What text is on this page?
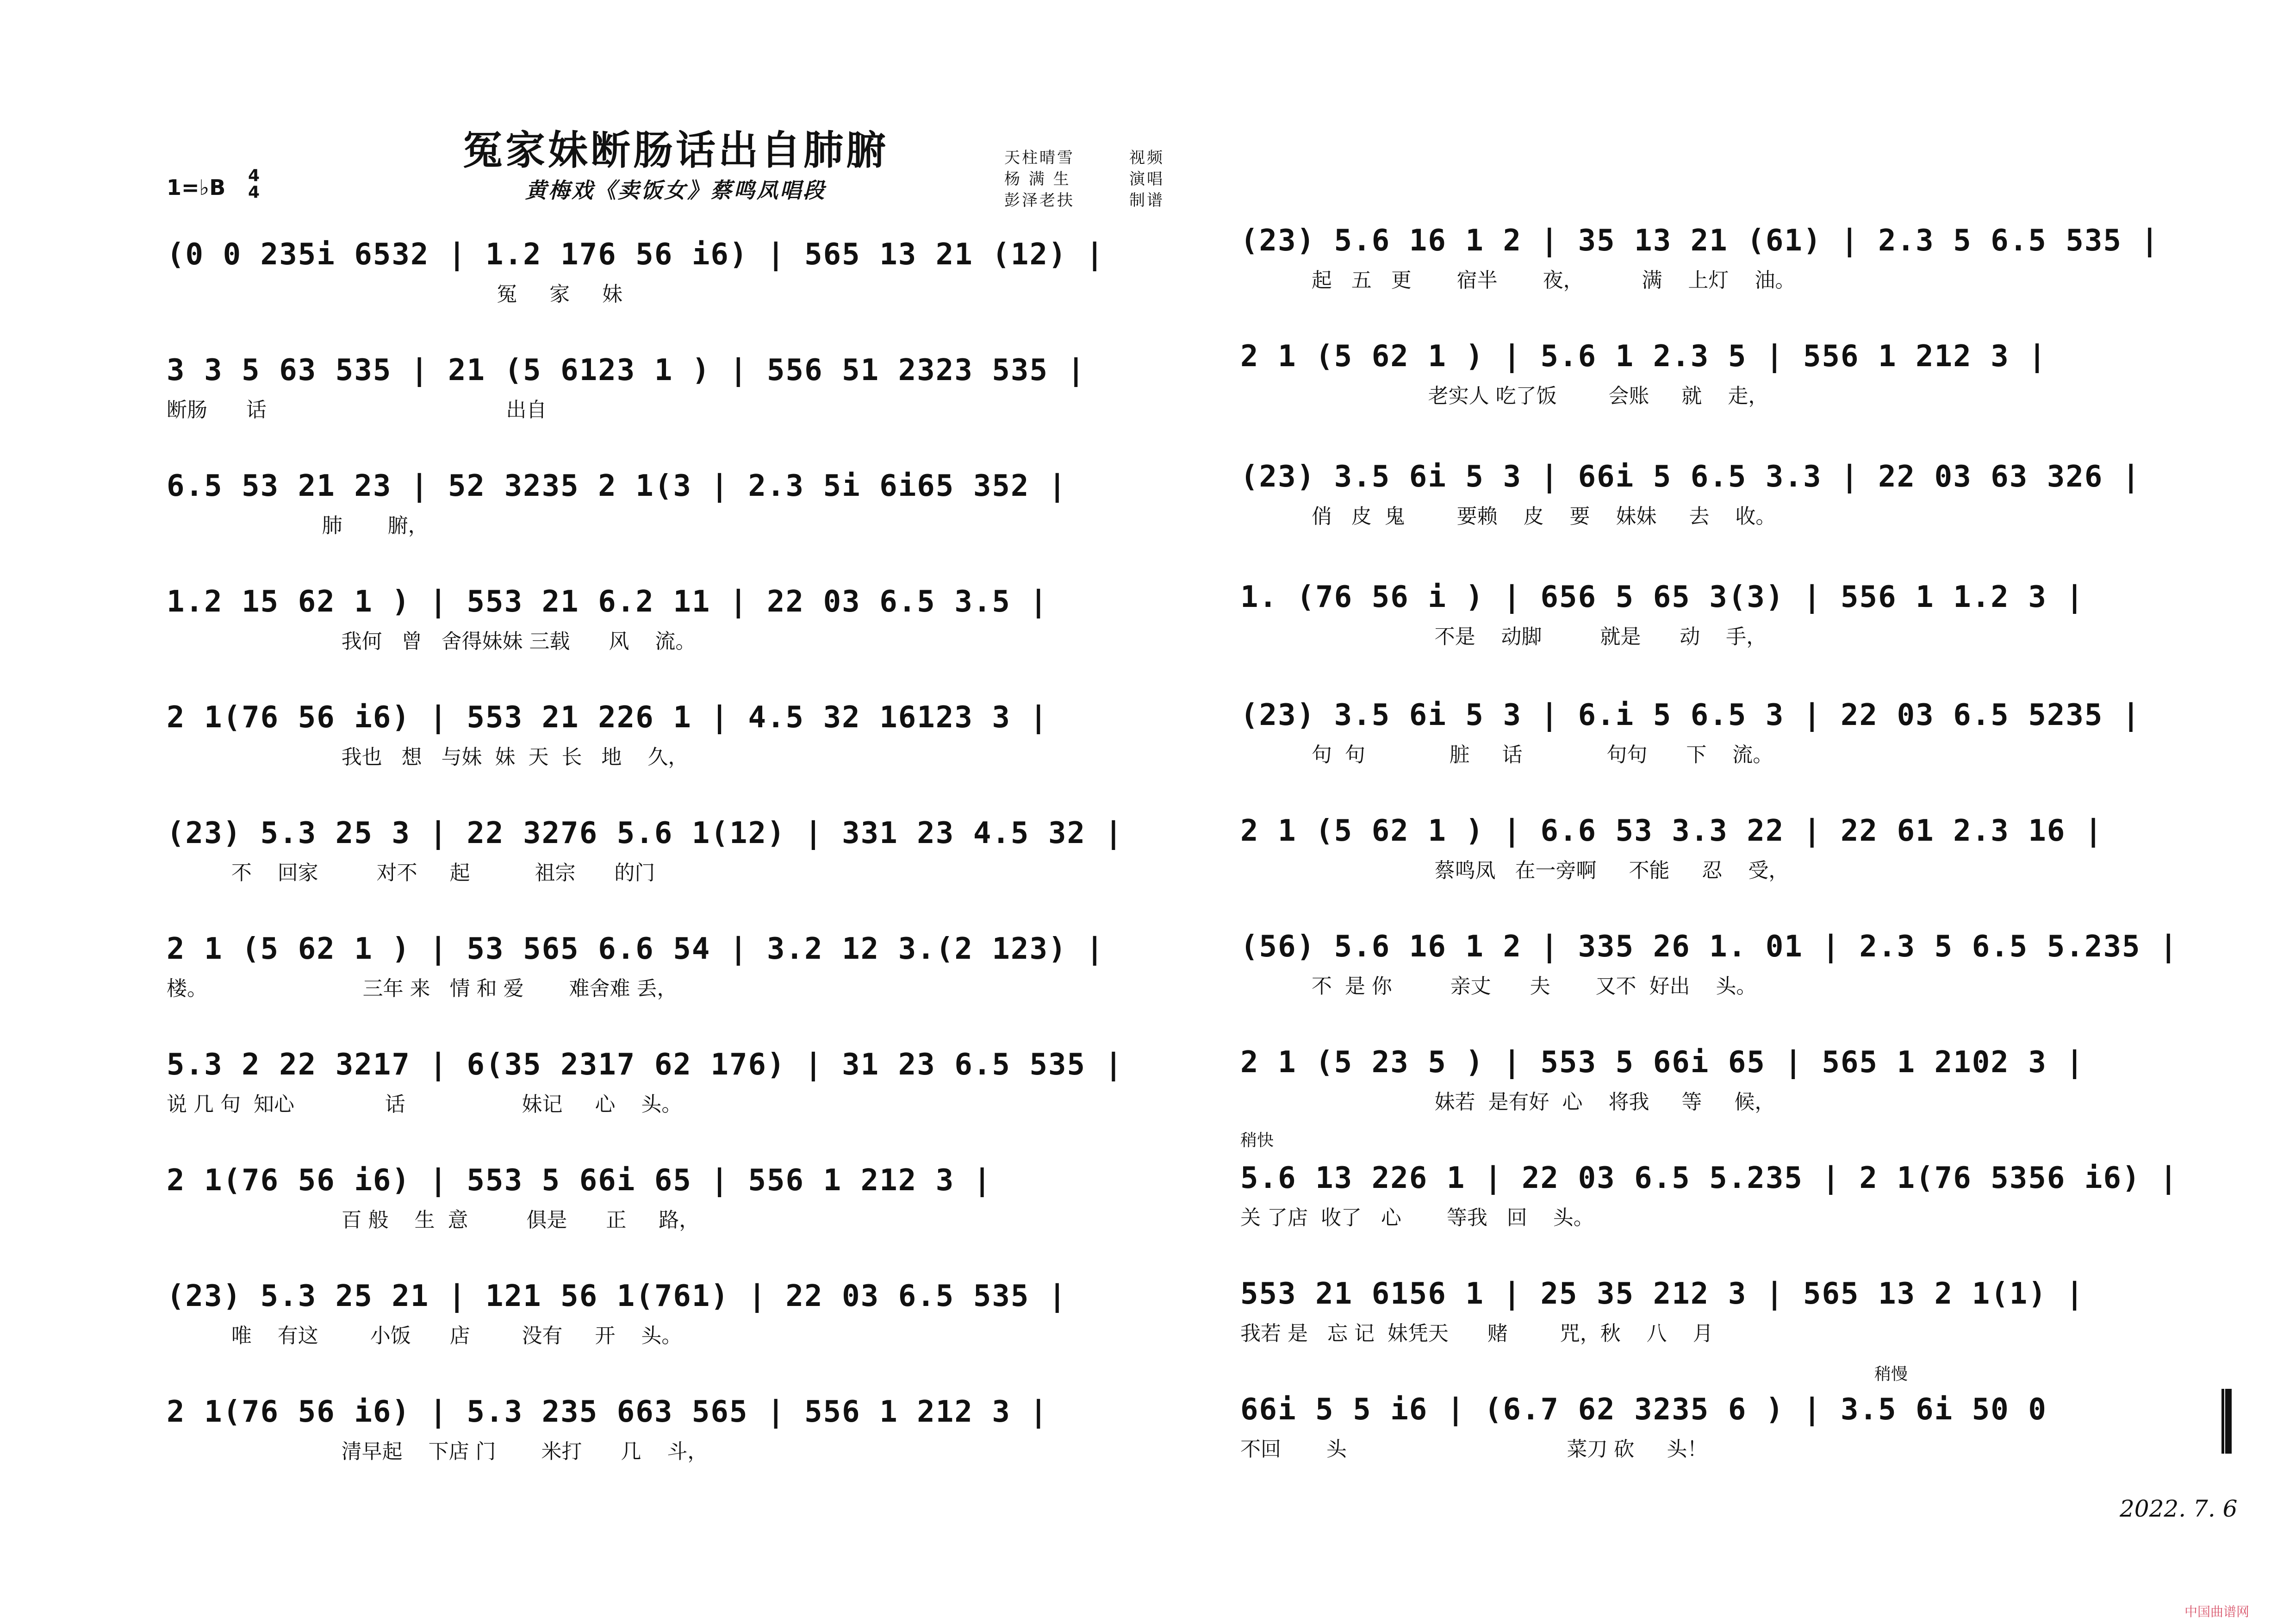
冤家妹断肠话出自肺腑
黄梅戏《卖饭女》蔡鸣凤唱段
1=♭B 4
4
天柱晴雪	视频
杨 满 生	演唱
彭泽老扶	制谱
(0 0 235i 6532 | 1.2 176 56 i6) | 565 13 21 (12) |
冤     家     妹
3 3 5 63 535 | 21 (5 6123 1 ) | 556 51 2323 535 |
断肠      话                                     出自
6.5 53 21 23 | 52 3235 2 1(3 | 2.3 5i 6i65 352 |
肺       腑，
1.2 15 62 1 ) | 553 21 6.2 11 | 22 03 6.5 3.5 |
我何   曾   舍得妹妹 三载      风    流。
2 1(76 56 i6) | 553 21 226 1 | 4.5 32 16123 3 |
我也   想   与妹  妹  天  长   地    久，
(23) 5.3 25 3 | 22 3276 5.6 1(12) | 331 23 4.5 32 |
不    回家         对不     起          祖宗      的门
2 1 (5 62 1 ) | 53 565 6.6 54 | 3.2 12 3.(2 123) |
楼。                        三年 来   情 和 爱       难舍难 丢，
5.3 2 22 3217 | 6(35 2317 62 176) | 31 23 6.5 535 |
说 几 句  知心              话                  妹记     心    头。
2 1(76 56 i6) | 553 5 66i 65 | 556 1 212 3 |
百 般    生  意         俱是      正     路，
(23) 5.3 25 21 | 121 56 1(761) | 22 03 6.5 535 |
唯    有这        小饭      店        没有     开    头。
2 1(76 56 i6) | 5.3 235 663 565 | 556 1 212 3 |
清早起    下店 门       米打      几    斗，
(23) 5.6 16 1 2 | 35 13 21 (61) | 2.3 5 6.5 535 |
起   五   更       宿半       夜，         满    上灯    油。
2 1 (5 62 1 ) | 5.6 1 2.3 5 | 556 1 212 3 |
老实人 吃了饭        会账     就    走，
(23) 3.5 6i 5 3 | 66i 5 6.5 3.3 | 22 03 63 326 |
俏   皮  鬼        要赖    皮    要    妹妹     去    收。
1. (76 56 i ) | 656 5 65 3(3) | 556 1 1.2 3 |
不是    动脚         就是      动    手，
(23) 3.5 6i 5 3 | 6.i 5 6.5 3 | 22 03 6.5 5235 |
句  句             脏     话             句句      下    流。
2 1 (5 62 1 ) | 6.6 53 3.3 22 | 22 61 2.3 16 |
蔡鸣凤   在一旁啊     不能     忍    受，
(56) 5.6 16 1 2 | 335 26 1. 01 | 2.3 5 6.5 5.235 |
不  是 你         亲丈      夫       又不  好出    头。
2 1 (5 23 5 ) | 553 5 66i 65 | 565 1 2102 3 |
妹若  是有好  心    将我     等     候，
稍快
5.6 13 226 1 | 22 03 6.5 5.235 | 2 1(76 5356 i6) |
关 了店  收了   心       等我   回    头。
553 21 6156 1 | 25 35 212 3 | 565 13 2 1(1) |
我若 是   忘 记  妹凭天      赌        咒，秋    八    月
稍慢
66i 5 5 i6 | (6.7 62 3235 6 ) | 3.5 6i 50 0
不回       头                                  菜刀 砍     头！
2022. 7. 6
中国曲谱网
